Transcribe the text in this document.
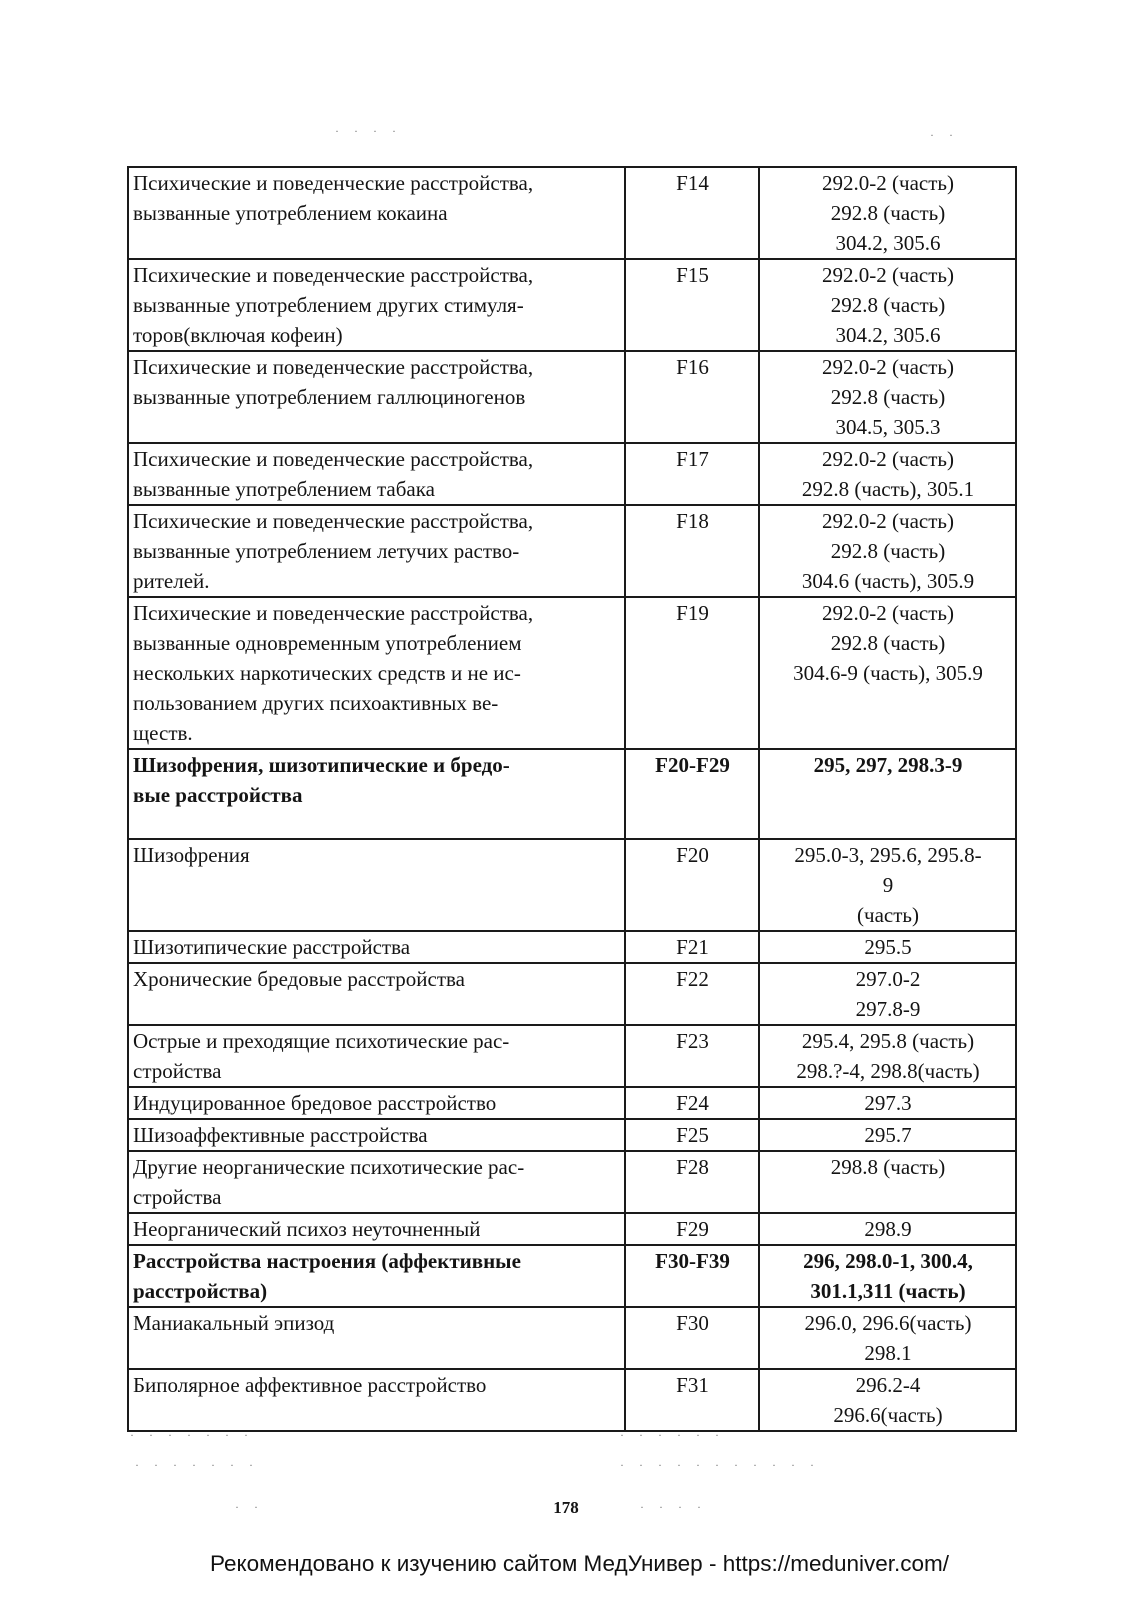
· · · ·	· ·
· · · · · · ·	· · · · · ·
· · · · · · ·	· · · · · · · · · · ·
· ·	· · · ·
Психические и поведенческие расстройства,
вызванные употреблением кокаина	F14	292.0-2 (часть)
292.8 (часть)
304.2, 305.6

Психические и поведенческие расстройства,
вызванные употреблением других стимуля-
торов(включая кофеин)	F15	292.0-2 (часть)
292.8 (часть)
304.2, 305.6

Психические и поведенческие расстройства,
вызванные употреблением галлюциногенов	F16	292.0-2 (часть)
292.8 (часть)
304.5, 305.3

Психические и поведенческие расстройства,
вызванные употреблением табака	F17	292.0-2 (часть)
292.8 (часть), 305.1

Психические и поведенческие расстройства,
вызванные употреблением летучих раство-
рителей.	F18	292.0-2 (часть)
292.8 (часть)
304.6 (часть), 305.9

Психические и поведенческие расстройства,
вызванные одновременным употреблением
нескольких наркотических средств и не ис-
пользованием других психоактивных ве-
ществ.	F19	292.0-2 (часть)
292.8 (часть)
304.6-9 (часть), 305.9

Шизофрения, шизотипические и бредо-
вые расстройства	F20-F29	295, 297, 298.3-9

Шизофрения	F20	295.0-3, 295.6, 295.8-
9
(часть)

Шизотипические расстройства	F21	295.5

Хронические бредовые расстройства	F22	297.0-2
297.8-9

Острые и преходящие психотические рас-
стройства	F23	295.4, 295.8 (часть)
298.?-4, 298.8(часть)

Индуцированное бредовое расстройство	F24	297.3

Шизоаффективные расстройства	F25	295.7

Другие неорганические психотические рас-
стройства	F28	298.8 (часть)

Неорганический психоз неуточненный	F29	298.9

Расстройства настроения (аффективные
расстройства)	F30-F39	296, 298.0-1, 300.4,
301.1,311 (часть)

Маниакальный эпизод	F30	296.0, 296.6(часть)
298.1

Биполярное аффективное расстройство	F31	296.2-4
296.6(часть)
178
Рекомендовано к изучению сайтом МедУнивер - https://meduniver.com/
